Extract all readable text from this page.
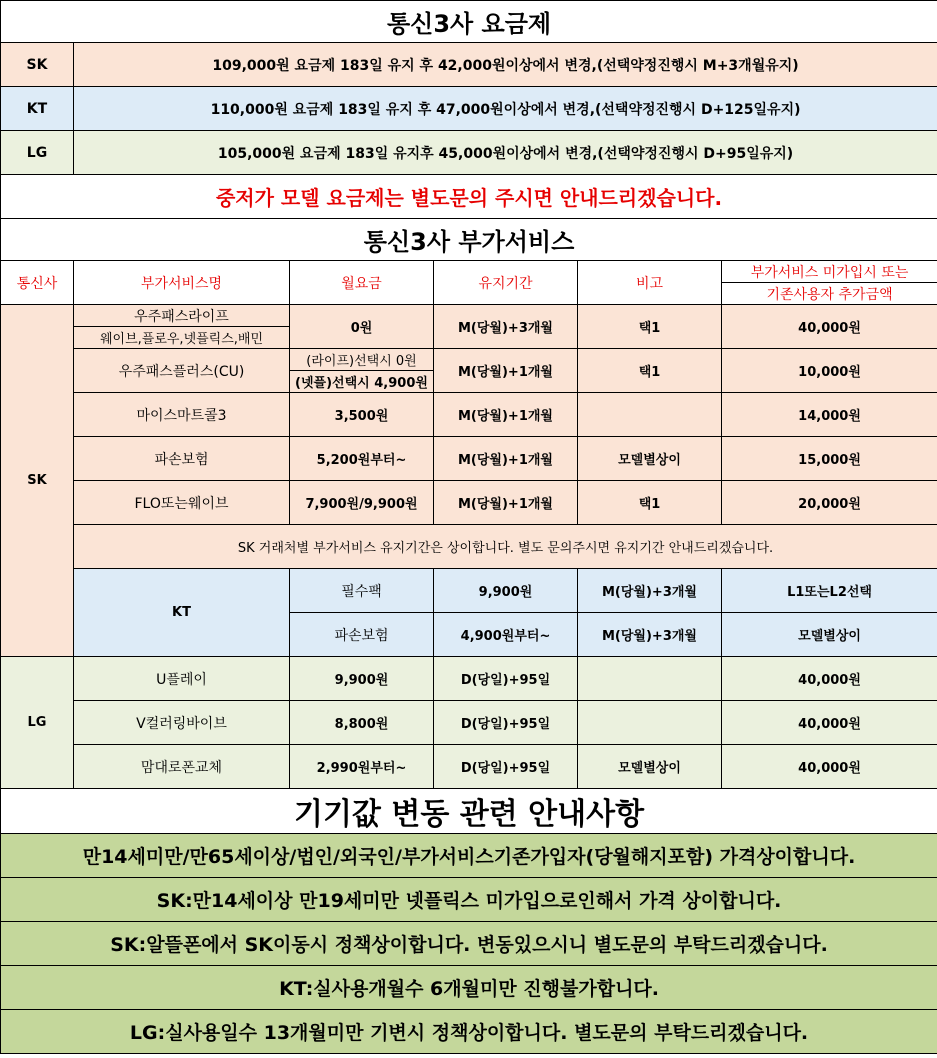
통신3사 요금제						
SK	109,000원 요금제 183일 유지 후 42,000원이상에서 변경,(선택약정진행시 M+3개월유지)					
KT	110,000원 요금제 183일 유지 후 47,000원이상에서 변경,(선택약정진행시 D+125일유지)					
LG	105,000원 요금제 183일 유지후 45,000원이상에서 변경,(선택약정진행시 D+95일유지)					
중저가 모델 요금제는 별도문의 주시면 안내드리겠습니다.						
통신3사 부가서비스						
통신사	부가서비스명	월요금	유지기간	비고	부가서비스 미가입시 또는	
					기존사용자 추가금액	
SK	우주패스라이프	0원	M(당월)+3개월	택1	40,000원	
	웨이브,플로우,넷플릭스,배민					
	우주패스플러스(CU)	(라이프)선택시 0원	M(당월)+1개월	택1	10,000원	
		(넷플)선택시 4,900원				
	마이스마트콜3	3,500원	M(당월)+1개월		14,000원	
	파손보험	5,200원부터~	M(당월)+1개월	모델별상이	15,000원	
	FLO또는웨이브	7,900원/9,900원	M(당월)+1개월	택1	20,000원	
	SK 거래처별 부가서비스 유지기간은 상이합니다. 별도 문의주시면 유지기간 안내드리겠습니다.					
	KT	필수팩	9,900원	M(당월)+3개월	L1또는L2선택	
		파손보험	4,900원부터~	M(당월)+3개월	모델별상이	
LG	U플레이	9,900원	D(당일)+95일		40,000원	
	V컬러링바이브	8,800원	D(당일)+95일		40,000원	
	맘대로폰교체	2,990원부터~	D(당일)+95일	모델별상이	40,000원	
기기값 변동 관련 안내사항						
만14세미만/만65세이상/법인/외국인/부가서비스기존가입자(당월해지포함) 가격상이합니다.						
SK:만14세이상 만19세미만 넷플릭스 미가입으로인해서 가격 상이합니다.						
SK:알뜰폰에서 SK이동시 정책상이합니다. 변동있으시니 별도문의 부탁드리겠습니다.						
KT:실사용개월수 6개월미만 진행불가합니다.						
LG:실사용일수 13개월미만 기변시 정책상이합니다. 별도문의 부탁드리겠습니다.						
